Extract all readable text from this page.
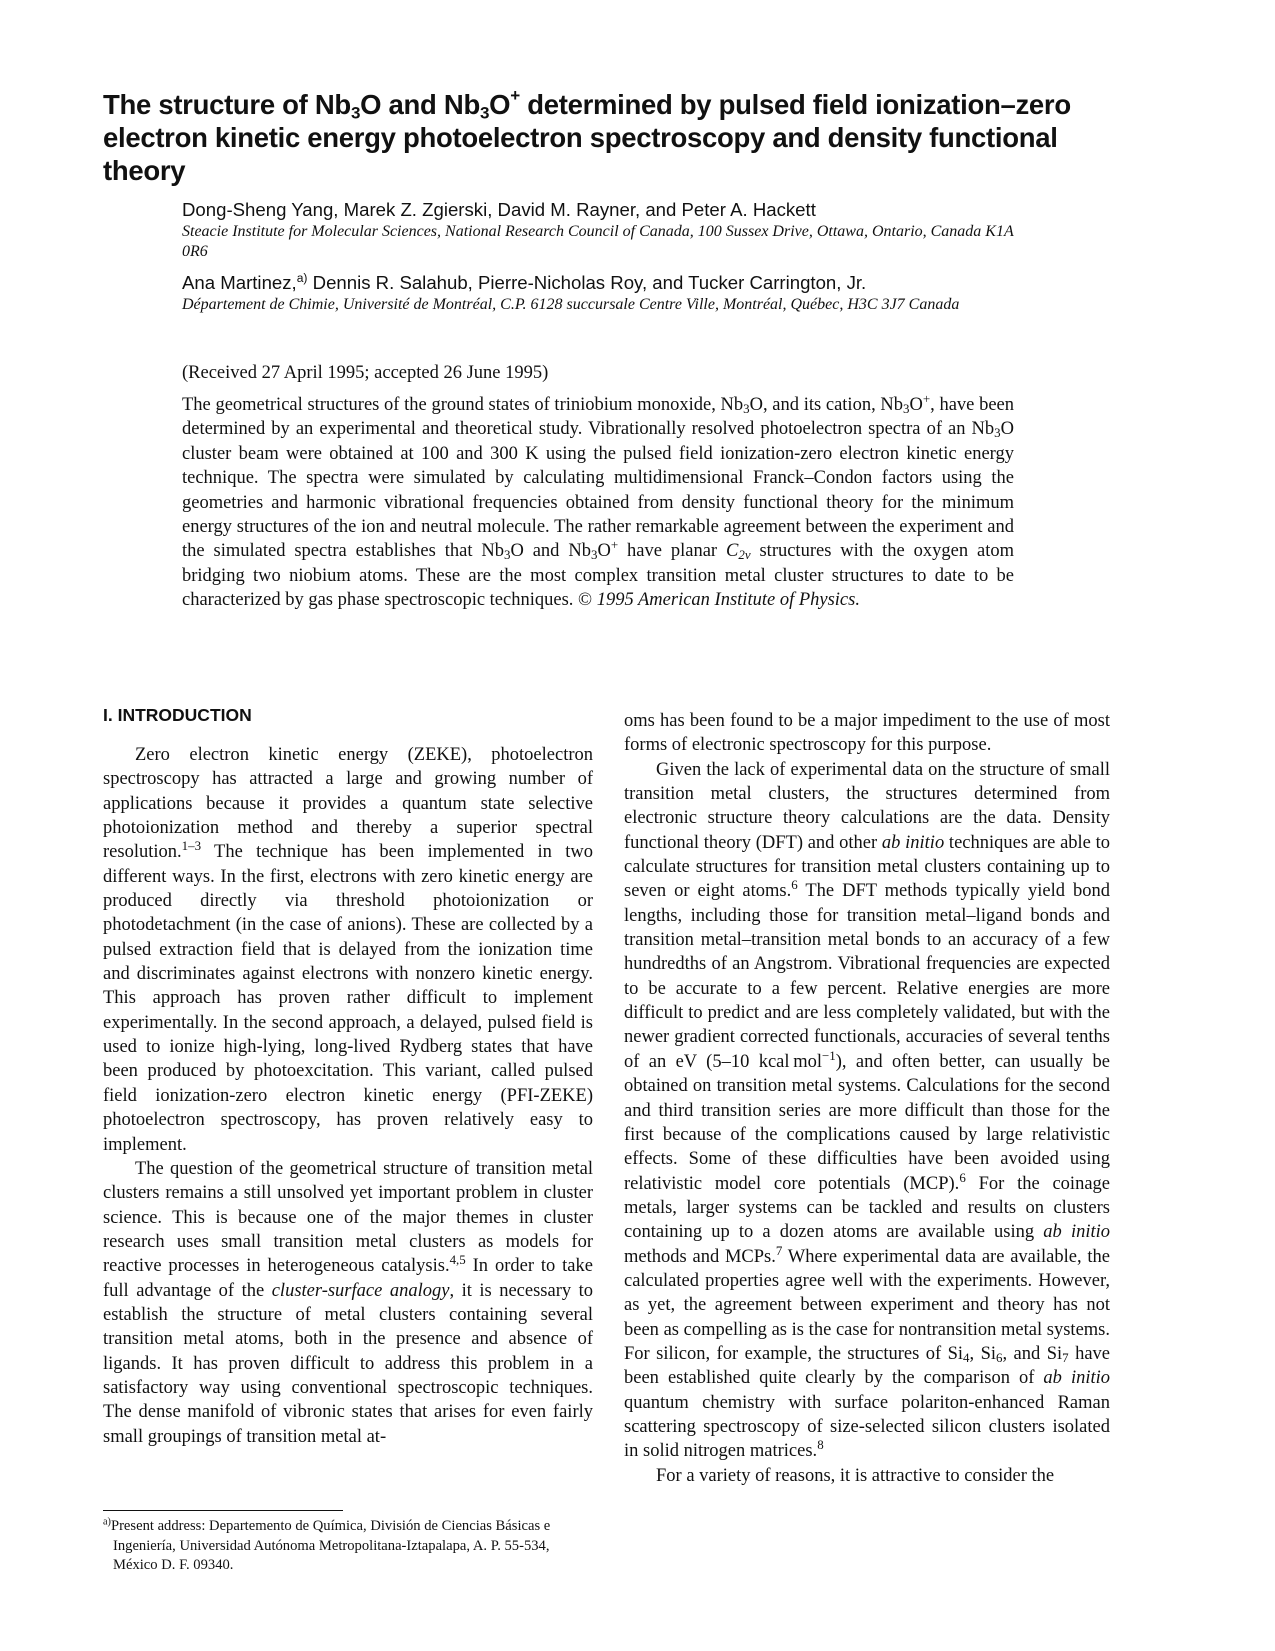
The structure of $Nb_3O$ and $Nb_3O^+$ determined by pulsed field ionization–zero electron kinetic energy photoelectron spectroscopy and density functional theory
Dong-Sheng Yang, Marek Z. Zgierski, David M. Rayner, and Peter A. Hackett
Steacie Institute for Molecular Sciences, National Research Council of Canada, 100 Sussex Drive, Ottawa, Ontario, Canada K1A 0R6
Ana Martinez,$^{a)}$ Dennis R. Salahub, Pierre-Nicholas Roy, and Tucker Carrington, Jr.
Département de Chimie, Université de Montréal, C.P. 6128 succursale Centre Ville, Montréal, Québec, H3C 3J7 Canada
(Received 27 April 1995; accepted 26 June 1995)
The geometrical structures of the ground states of triniobium monoxide, $Nb_3O$, and its cation, $Nb_3O^+$, have been determined by an experimental and theoretical study. Vibrationally resolved photoelectron spectra of an $Nb_3O$ cluster beam were obtained at 100 and 300 K using the pulsed field ionization-zero electron kinetic energy technique. The spectra were simulated by calculating multidimensional Franck–Condon factors using the geometries and harmonic vibrational frequencies obtained from density functional theory for the minimum energy structures of the ion and neutral molecule. The rather remarkable agreement between the experiment and the simulated spectra establishes that $Nb_3O$ and $Nb_3O^+$ have planar $C_{2v}$ structures with the oxygen atom bridging two niobium atoms. These are the most complex transition metal cluster structures to date to be characterized by gas phase spectroscopic techniques. © 1995 American Institute of Physics.
I. INTRODUCTION

Zero electron kinetic energy (ZEKE), photoelectron spectroscopy has attracted a large and growing number of applications because it provides a quantum state selective photoionization method and thereby a superior spectral resolution.$^{1-3}$ The technique has been implemented in two different ways. In the first, electrons with zero kinetic energy are produced directly via threshold photoionization or photodetachment (in the case of anions). These are collected by a pulsed extraction field that is delayed from the ionization time and discriminates against electrons with nonzero kinetic energy. This approach has proven rather difficult to implement experimentally. In the second approach, a delayed, pulsed field is used to ionize high-lying, long-lived Rydberg states that have been produced by photoexcitation. This variant, called pulsed field ionization-zero electron kinetic energy (PFI-ZEKE) photoelectron spectroscopy, has proven relatively easy to implement.

The question of the geometrical structure of transition metal clusters remains a still unsolved yet important problem in cluster science. This is because one of the major themes in cluster research uses small transition metal clusters as models for reactive processes in heterogeneous catalysis.$^{4,5}$ In order to take full advantage of the cluster-surface analogy, it is necessary to establish the structure of metal clusters containing several transition metal atoms, both in the presence and absence of ligands. It has proven difficult to address this problem in a satisfactory way using conventional spectroscopic techniques. The dense manifold of vibronic states that arises for even fairly small groupings of transition metal at-

oms has been found to be a major impediment to the use of most forms of electronic spectroscopy for this purpose.

Given the lack of experimental data on the structure of small transition metal clusters, the structures determined from electronic structure theory calculations are the data. Density functional theory (DFT) and other ab initio techniques are able to calculate structures for transition metal clusters containing up to seven or eight atoms.$^6$ The DFT methods typically yield bond lengths, including those for transition metal–ligand bonds and transition metal–transition metal bonds to an accuracy of a few hundredths of an Angstrom. Vibrational frequencies are expected to be accurate to a few percent. Relative energies are more difficult to predict and are less completely validated, but with the newer gradient corrected functionals, accuracies of several tenths of an eV (5–10 kcal mol$^{-1}$), and often better, can usually be obtained on transition metal systems. Calculations for the second and third transition series are more difficult than those for the first because of the complications caused by large relativistic effects. Some of these difficulties have been avoided using relativistic model core potentials (MCP).$^6$ For the coinage metals, larger systems can be tackled and results on clusters containing up to a dozen atoms are available using ab initio methods and MCPs.$^7$ Where experimental data are available, the calculated properties agree well with the experiments. However, as yet, the agreement between experiment and theory has not been as compelling as is the case for nontransition metal systems. For silicon, for example, the structures of $Si_4$, $Si_6$, and $Si_7$ have been established quite clearly by the comparison of ab initio quantum chemistry with surface polariton-enhanced Raman scattering spectroscopy of size-selected silicon clusters isolated in solid nitrogen matrices.$^8$

For a variety of reasons, it is attractive to consider the

$^{a)}$Present address: Departemento de Química, División de Ciencias Básicas e
Ingeniería, Universidad Autónoma Metropolitana-Iztapalapa, A. P. 55-534,
México D. F. 09340.
